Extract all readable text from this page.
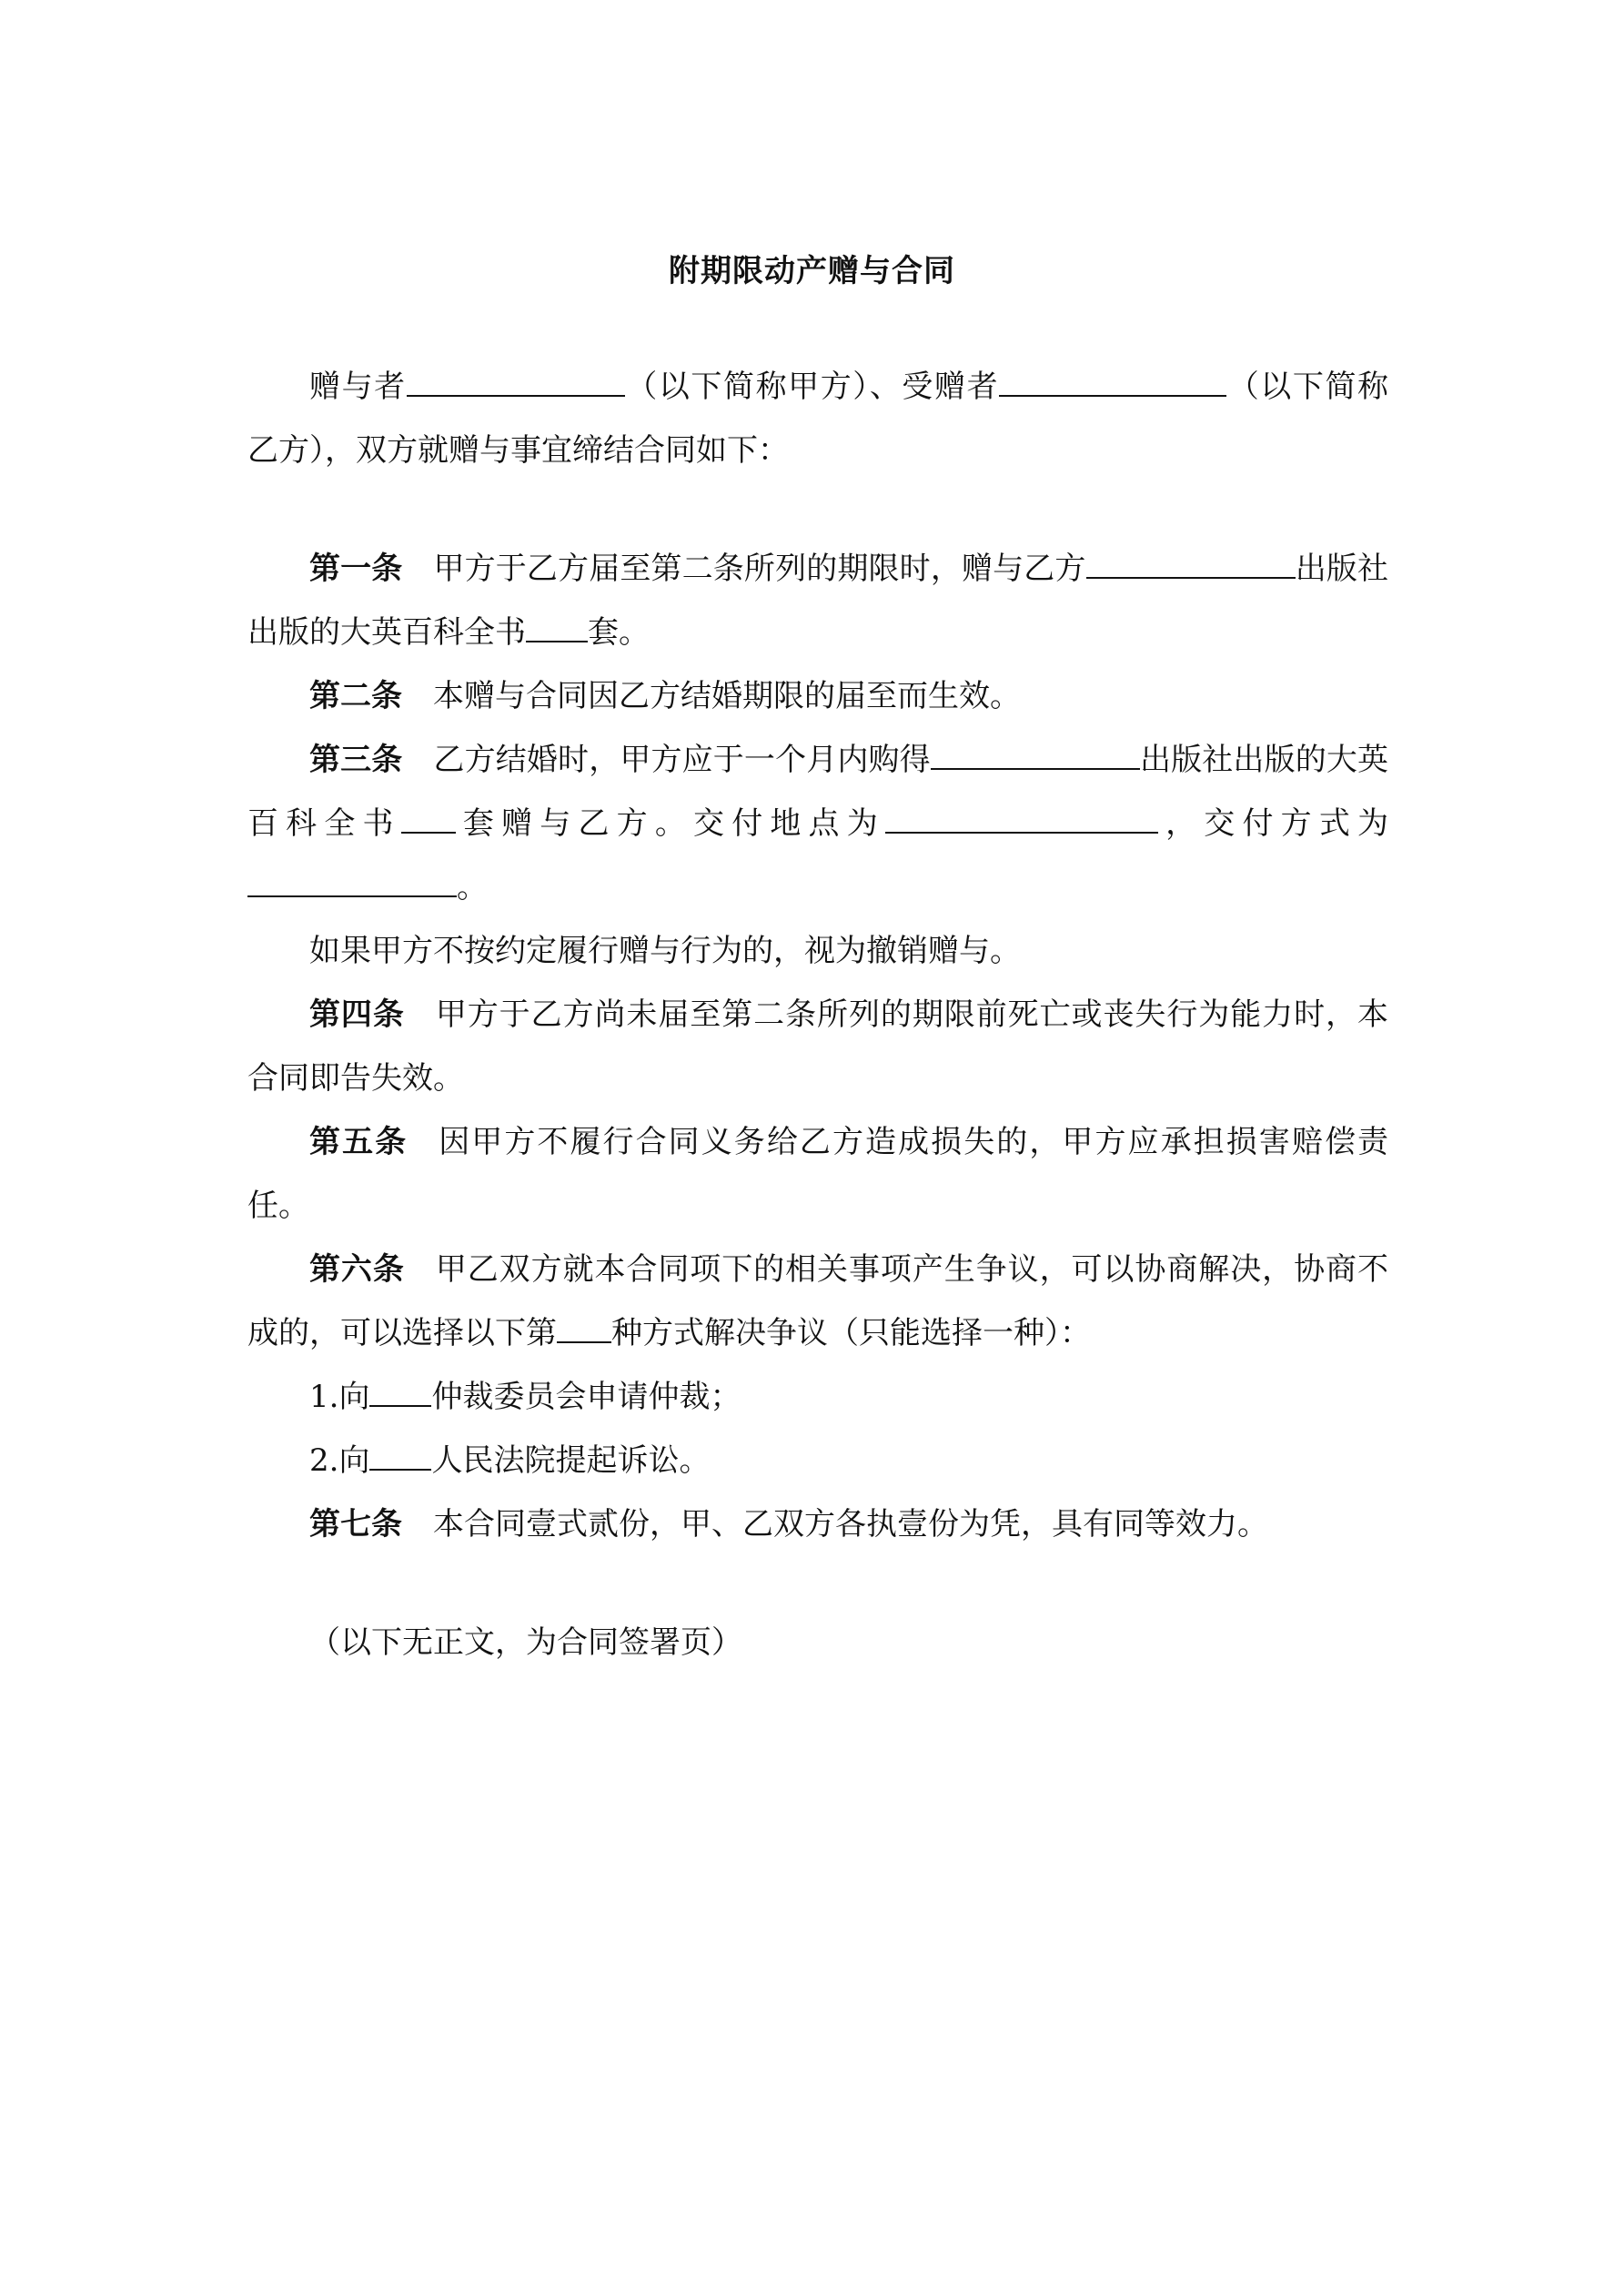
附期限动产赠与合同

赠与者	（以下简称甲方）、受赠者	（以下简称乙方），双方就赠与事宜缔结合同如下：

第一条 甲方于乙方届至第二条所列的期限时，赠与乙方	出版社出版的大英百科全书 套。

第二条 本赠与合同因乙方结婚期限的届至而生效。

第三条 乙方结婚时，甲方应于一个月内购得	出版社出版的大英百科全书 套赠与乙方。交付地点为	，交付方式为。

如果甲方不按约定履行赠与行为的，视为撤销赠与。

第四条 甲方于乙方尚未届至第二条所列的期限前死亡或丧失行为能力时，本合同即告失效。

第五条 因甲方不履行合同义务给乙方造成损失的，甲方应承担损害赔偿责任。

第六条 甲乙双方就本合同项下的相关事项产生争议，可以协商解决，协商不成的，可以选择以下第 种方式解决争议（只能选择一种）：

1.向 仲裁委员会申请仲裁；

2.向 人民法院提起诉讼。

第七条 本合同壹式贰份，甲、乙双方各执壹份为凭，具有同等效力。

（以下无正文，为合同签署页）
